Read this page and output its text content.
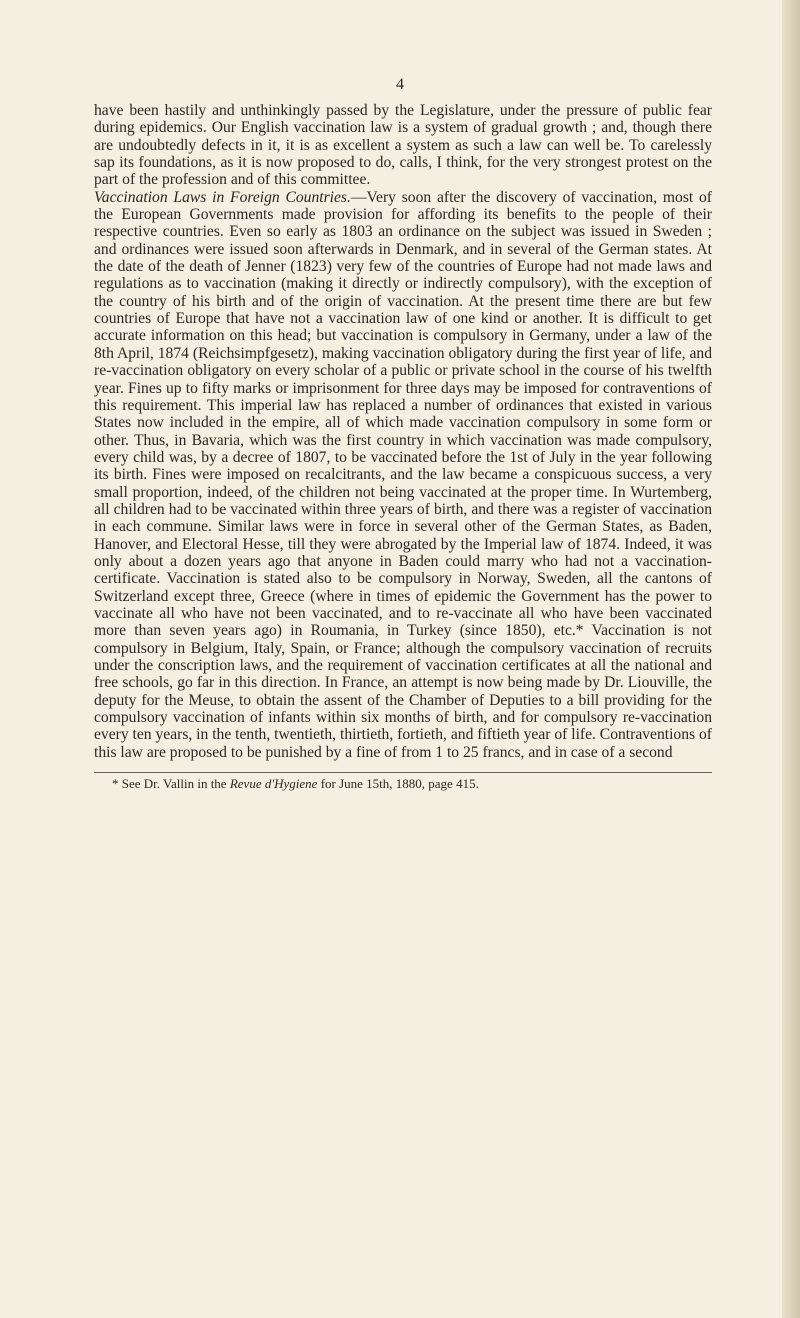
4

have been hastily and unthinkingly passed by the Legislature, under the pressure of public fear during epidemics. Our English vaccination law is a system of gradual growth ; and, though there are undoubtedly defects in it, it is as excellent a system as such a law can well be. To carelessly sap its foundations, as it is now proposed to do, calls, I think, for the very strongest protest on the part of the profession and of this committee.

Vaccination Laws in Foreign Countries.—Very soon after the discovery of vaccination, most of the European Governments made provision for affording its benefits to the people of their respective countries. Even so early as 1803 an ordinance on the subject was issued in Sweden ; and ordinances were issued soon afterwards in Denmark, and in several of the German states. At the date of the death of Jenner (1823) very few of the countries of Europe had not made laws and regulations as to vaccination (making it directly or indirectly compulsory), with the exception of the country of his birth and of the origin of vaccination. At the present time there are but few countries of Europe that have not a vaccination law of one kind or another. It is difficult to get accurate information on this head; but vaccination is compulsory in Germany, under a law of the 8th April, 1874 (Reichsimpfgesetz), making vaccination obligatory during the first year of life, and re-vaccination obligatory on every scholar of a public or private school in the course of his twelfth year. Fines up to fifty marks or imprisonment for three days may be imposed for contraventions of this requirement. This imperial law has replaced a number of ordinances that existed in various States now included in the empire, all of which made vaccination compulsory in some form or other. Thus, in Bavaria, which was the first country in which vaccination was made compulsory, every child was, by a decree of 1807, to be vaccinated before the 1st of July in the year following its birth. Fines were imposed on recalcitrants, and the law became a conspicuous success, a very small proportion, indeed, of the children not being vaccinated at the proper time. In Wurtemberg, all children had to be vaccinated within three years of birth, and there was a register of vaccination in each commune. Similar laws were in force in several other of the German States, as Baden, Hanover, and Electoral Hesse, till they were abrogated by the Imperial law of 1874. Indeed, it was only about a dozen years ago that anyone in Baden could marry who had not a vaccination-certificate. Vaccination is stated also to be compulsory in Norway, Sweden, all the cantons of Switzerland except three, Greece (where in times of epidemic the Government has the power to vaccinate all who have not been vaccinated, and to re-vaccinate all who have been vaccinated more than seven years ago) in Roumania, in Turkey (since 1850), etc.* Vaccination is not compulsory in Belgium, Italy, Spain, or France; although the compulsory vaccination of recruits under the conscription laws, and the requirement of vaccination certificates at all the national and free schools, go far in this direction. In France, an attempt is now being made by Dr. Liouville, the deputy for the Meuse, to obtain the assent of the Chamber of Deputies to a bill providing for the compulsory vaccination of infants within six months of birth, and for compulsory re-vaccination every ten years, in the tenth, twentieth, thirtieth, fortieth, and fiftieth year of life. Contraventions of this law are proposed to be punished by a fine of from 1 to 25 francs, and in case of a second

* See Dr. Vallin in the Revue d'Hygiene for June 15th, 1880, page 415.
